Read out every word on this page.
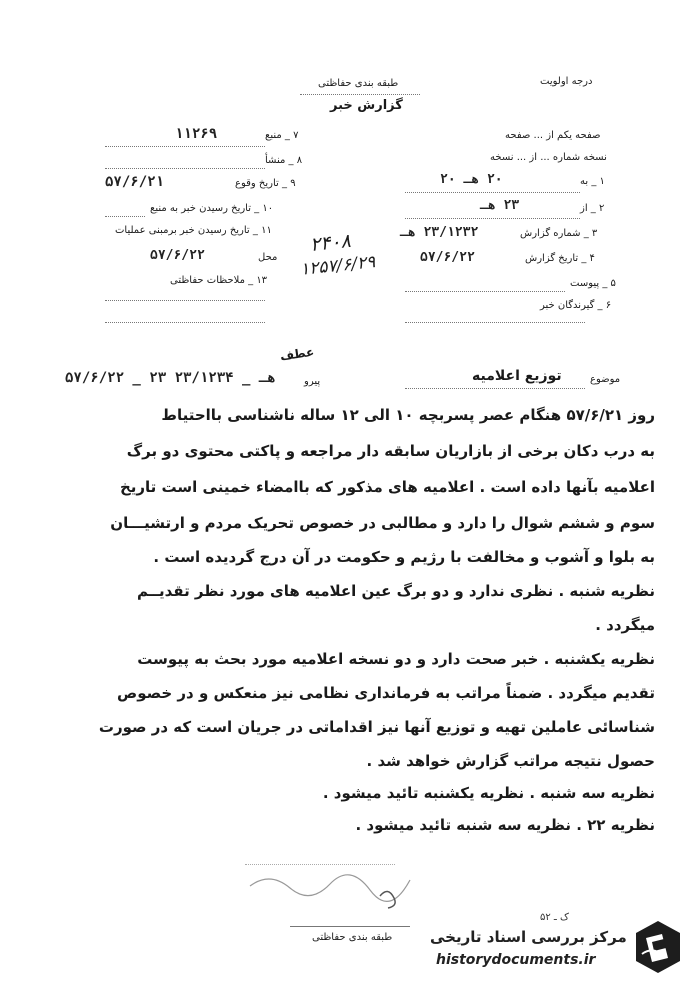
درجه اولویت
طبقه بندی حفاظتی
گزارش خبر
صفحه یکم از ... صفحه
نسخه شماره ... از ... نسخه
۱ _ به
۲۰ هـ ۲۰
۲ _ از
۲۳ هـ
۳ _ شماره گزارش
۲۳/۱۲۳۲ هـ
۴ _ تاریخ گزارش
۵۷/۶/۲۲
۵ _ پیوست
۶ _ گیرندگان خبر
۷ _ منبع
۱۱۲۶۹
۸ _ منشأ
۹ _ تاریخ وقوع
۵۷/۶/۲۱
۱۰ _ تاریخ رسیدن خبر به منبع
۱۱ _ تاریخ رسیدن خبر برمبنی عملیات
محل
۵۷/۶/۲۲
۱۳ _ ملاحظات حفاظتی
۲۴۰۸
۱۲۵۷/۶/۲۹
موضوع
توزیع اعلامیه
پیرو
۵۷/۶/۲۲ _ ۲۳ هـ _ ۲۳/۱۲۳۴
عطف
روز ۵۷/۶/۲۱ هنگام عصر پسربچه ۱۰ الی ۱۲ ساله ناشناسی بااحتیاط
به درب دکان برخی از بازاریان سابقه دار مراجعه و پاکتی محتوی دو برگ
اعلامیه بآنها داده است . اعلامیه های مذکور که باامضاء خمینی است تاریخ
سوم و ششم شوال را دارد و مطالبی در خصوص تحریک مردم و ارتشیـــان
به بلوا و آشوب و مخالفت با رژیم و حکومت در آن درج گردیده است .
نظریه شنبه . نظری ندارد و دو برگ عین اعلامیه های مورد نظر تقدیــم
میگردد .
نظریه یکشنبه . خبر صحت دارد و دو نسخه اعلامیه مورد بحث به پیوست
تقدیم میگردد . ضمناً مراتب به فرمانداری نظامی نیز منعکس و در خصوص
شناسائی عاملین تهیه و توزیع آنها نیز اقداماتی در جریان است که در صورت
حصول نتیجه مراتب گزارش خواهد شد .
نظریه سه شنبه . نظریه یکشنبه تائید میشود .
نظریه ۲۲ . نظریه سه شنبه تائید میشود .
طبقه بندی حفاظتی
ک ـ ۵۲
مرکز بررسی اسناد تاریخی
historydocuments.ir
